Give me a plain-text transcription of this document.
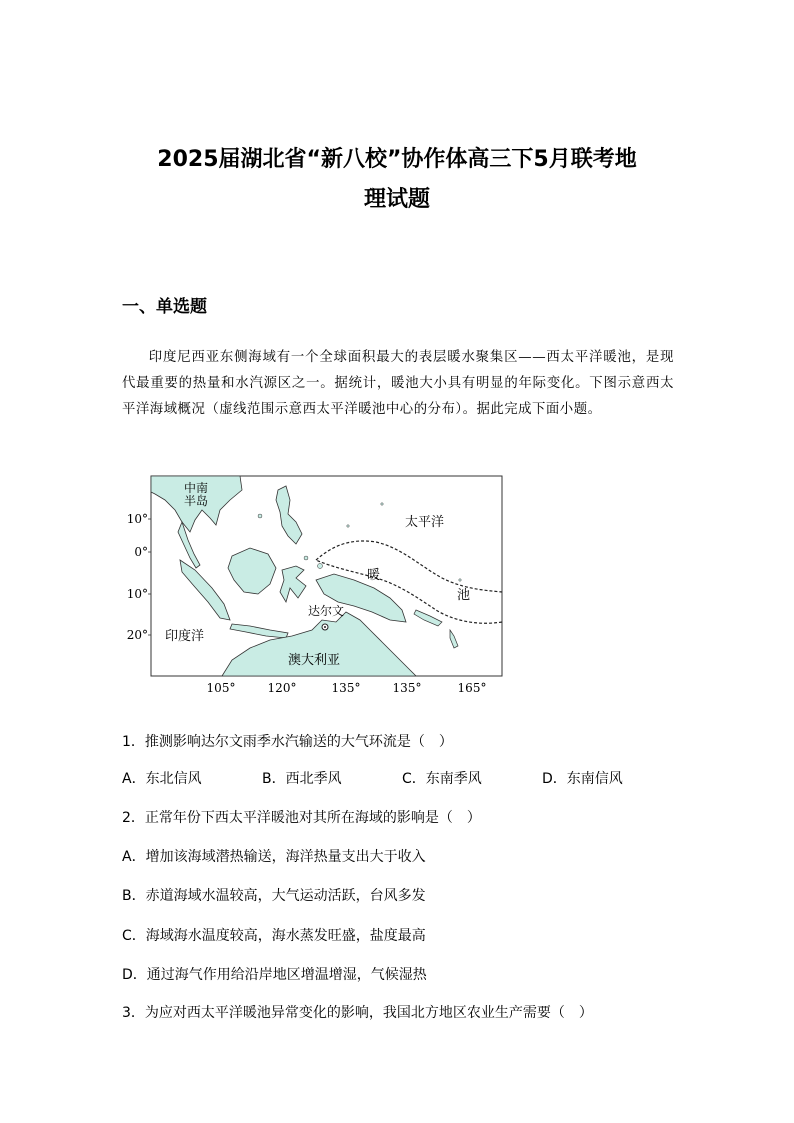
2025届湖北省“新八校”协作体高三下5月联考地
理试题
一、单选题
印度尼西亚东侧海域有一个全球面积最大的表层暖水聚集区——西太平洋暖池，是现代最重要的热量和水汽源区之一。据统计，暖池大小具有明显的年际变化。下图示意西太平洋海域概况（虚线范围示意西太平洋暖池中心的分布）。据此完成下面小题。
10°
0°
10°
20°
105°	120°	135°	135°	165°
中南
半岛
太平洋
暖
池
达尔文
印度洋
澳大利亚
1．推测影响达尔文雨季水汽输送的大气环流是（　）
A．东北信风	B．西北季风	C．东南季风	D．东南信风
2．正常年份下西太平洋暖池对其所在海域的影响是（　）
A．增加该海域潜热输送，海洋热量支出大于收入
B．赤道海域水温较高，大气运动活跃，台风多发
C．海域海水温度较高，海水蒸发旺盛，盐度最高
D．通过海气作用给沿岸地区增温增湿，气候湿热
3．为应对西太平洋暖池异常变化的影响，我国北方地区农业生产需要（　）
